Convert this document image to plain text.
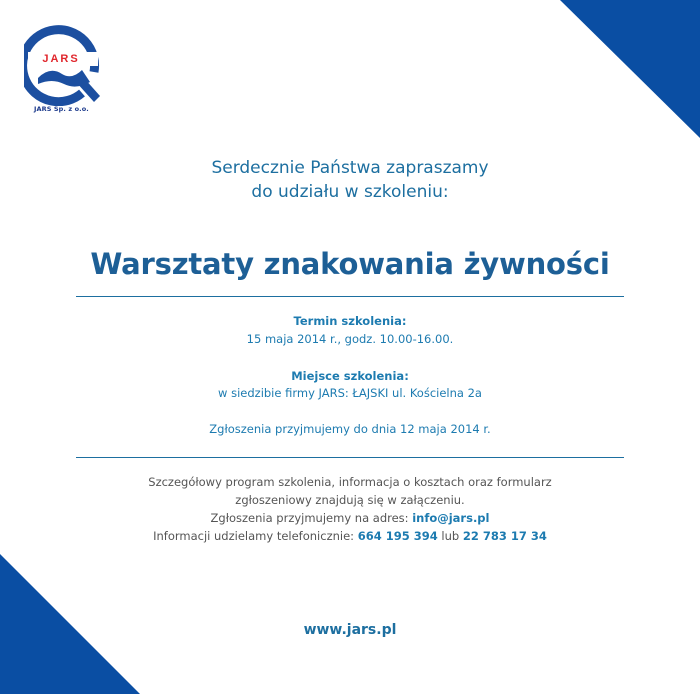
JARS
JARS Sp. z o.o.
Serdecznie Państwa zapraszamy
do udziału w szkoleniu:
Warsztaty znakowania żywności
Termin szkolenia:
15 maja 2014 r., godz. 10.00-16.00.
Miejsce szkolenia:
w siedzibie firmy JARS: ŁAJSKI ul. Kościelna 2a
Zgłoszenia przyjmujemy do dnia 12 maja 2014 r.
Szczegółowy program szkolenia, informacja o kosztach oraz formularz
zgłoszeniowy znajdują się w załączeniu.
Zgłoszenia przyjmujemy na adres: info@jars.pl
Informacji udzielamy telefonicznie: 664 195 394 lub 22 783 17 34
www.jars.pl
